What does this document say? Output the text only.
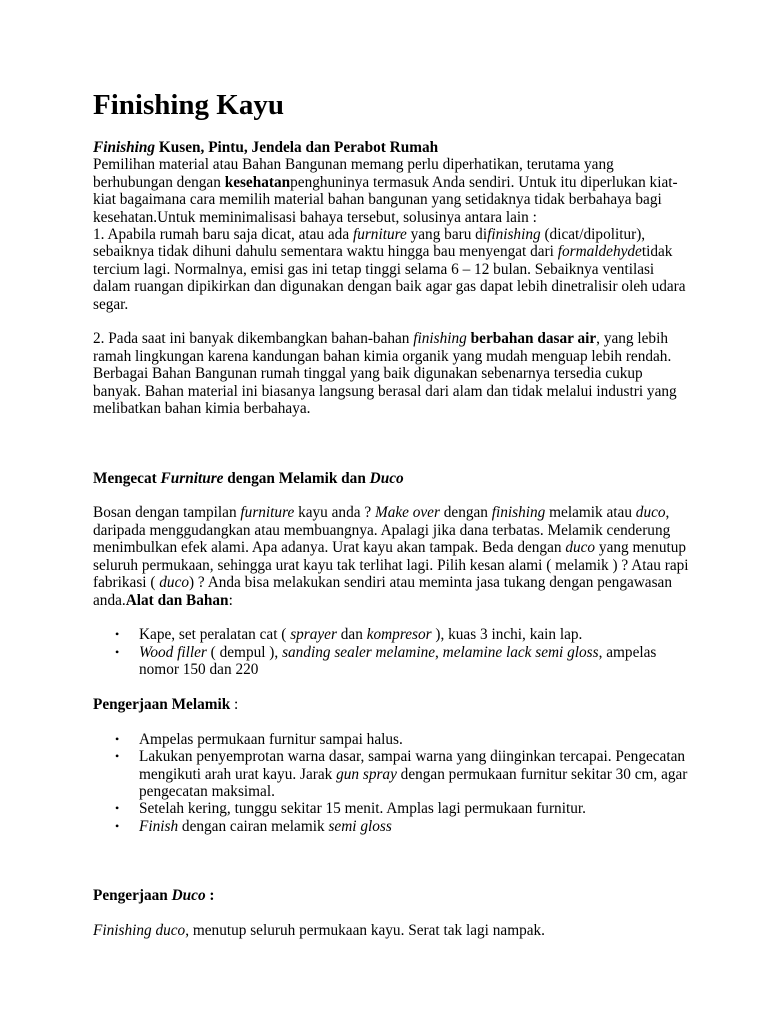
Finishing Kayu

Finishing Kusen, Pintu, Jendela dan Perabot Rumah

Pemilihan material atau Bahan Bangunan memang perlu diperhatikan, terutama yang berhubungan dengan kesehatanpenghuninya termasuk Anda sendiri. Untuk itu diperlukan kiat-kiat bagaimana cara memilih material bahan bangunan yang setidaknya tidak berbahaya bagi kesehatan.Untuk meminimalisasi bahaya tersebut, solusinya antara lain :

1. Apabila rumah baru saja dicat, atau ada furniture yang baru difinishing (dicat/dipolitur), sebaiknya tidak dihuni dahulu sementara waktu hingga bau menyengat dari formaldehydetidak tercium lagi. Normalnya, emisi gas ini tetap tinggi selama 6 – 12 bulan. Sebaiknya ventilasi dalam ruangan dipikirkan dan digunakan dengan baik agar gas dapat lebih dinetralisir oleh udara segar.

2. Pada saat ini banyak dikembangkan bahan-bahan finishing berbahan dasar air, yang lebih ramah lingkungan karena kandungan bahan kimia organik yang mudah menguap lebih rendah. Berbagai Bahan Bangunan rumah tinggal yang baik digunakan sebenarnya tersedia cukup banyak. Bahan material ini biasanya langsung berasal dari alam dan tidak melalui industri yang melibatkan bahan kimia berbahaya.

Mengecat Furniture dengan Melamik dan Duco

Bosan dengan tampilan furniture kayu anda ? Make over dengan finishing melamik atau duco, daripada menggudangkan atau membuangnya. Apalagi jika dana terbatas. Melamik cenderung menimbulkan efek alami. Apa adanya. Urat kayu akan tampak. Beda dengan duco yang menutup seluruh permukaan, sehingga urat kayu tak terlihat lagi. Pilih kesan alami ( melamik ) ? Atau rapi fabrikasi ( duco) ? Anda bisa melakukan sendiri atau meminta jasa tukang dengan pengawasan anda.Alat dan Bahan:

• Kape, set peralatan cat ( sprayer dan kompresor ), kuas 3 inchi, kain lap.
• Wood filler ( dempul ), sanding sealer melamine, melamine lack semi gloss, ampelas nomor 150 dan 220

Pengerjaan Melamik :

• Ampelas permukaan furnitur sampai halus.
• Lakukan penyemprotan warna dasar, sampai warna yang diinginkan tercapai. Pengecatan mengikuti arah urat kayu. Jarak gun spray dengan permukaan furnitur sekitar 30 cm, agar pengecatan maksimal.
• Setelah kering, tunggu sekitar 15 menit. Amplas lagi permukaan furnitur.
• Finish dengan cairan melamik semi gloss

Pengerjaan Duco :

Finishing duco, menutup seluruh permukaan kayu. Serat tak lagi nampak.
